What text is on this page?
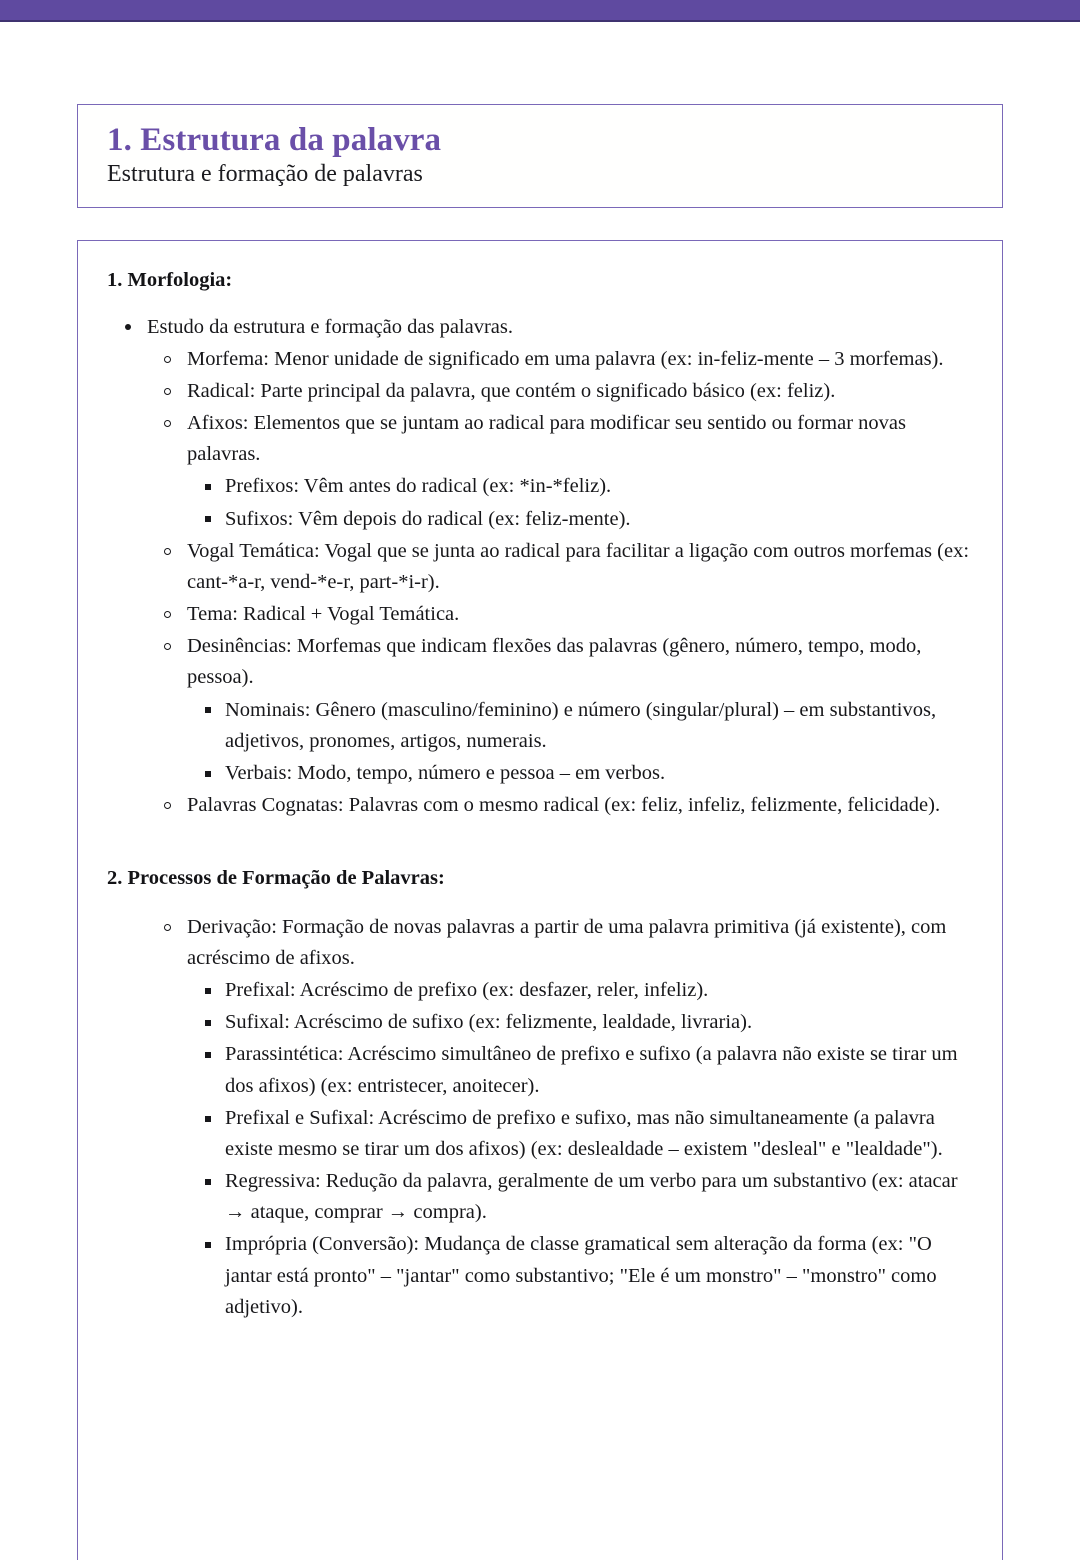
1. Estrutura da palavra
Estrutura e formação de palavras
1. Morfologia:
Estudo da estrutura e formação das palavras.
Morfema: Menor unidade de significado em uma palavra (ex: in-feliz-mente – 3 morfemas).
Radical: Parte principal da palavra, que contém o significado básico (ex: feliz).
Afixos: Elementos que se juntam ao radical para modificar seu sentido ou formar novas palavras.
Prefixos: Vêm antes do radical (ex: *in-*feliz).
Sufixos: Vêm depois do radical (ex: feliz-mente).
Vogal Temática: Vogal que se junta ao radical para facilitar a ligação com outros morfemas (ex: cant-*a-r, vend-*e-r, part-*i-r).
Tema: Radical + Vogal Temática.
Desinências: Morfemas que indicam flexões das palavras (gênero, número, tempo, modo, pessoa).
Nominais: Gênero (masculino/feminino) e número (singular/plural) – em substantivos, adjetivos, pronomes, artigos, numerais.
Verbais: Modo, tempo, número e pessoa – em verbos.
Palavras Cognatas: Palavras com o mesmo radical (ex: feliz, infeliz, felizmente, felicidade).
2. Processos de Formação de Palavras:
Derivação: Formação de novas palavras a partir de uma palavra primitiva (já existente), com acréscimo de afixos.
Prefixal: Acréscimo de prefixo (ex: desfazer, reler, infeliz).
Sufixal: Acréscimo de sufixo (ex: felizmente, lealdade, livraria).
Parassintética: Acréscimo simultâneo de prefixo e sufixo (a palavra não existe se tirar um dos afixos) (ex: entristecer, anoitecer).
Prefixal e Sufixal: Acréscimo de prefixo e sufixo, mas não simultaneamente (a palavra existe mesmo se tirar um dos afixos) (ex: deslealdade – existem "desleal" e "lealdade").
Regressiva: Redução da palavra, geralmente de um verbo para um substantivo (ex: atacar → ataque, comprar → compra).
Imprópria (Conversão): Mudança de classe gramatical sem alteração da forma (ex: "O jantar está pronto" – "jantar" como substantivo; "Ele é um monstro" – "monstro" como adjetivo).
